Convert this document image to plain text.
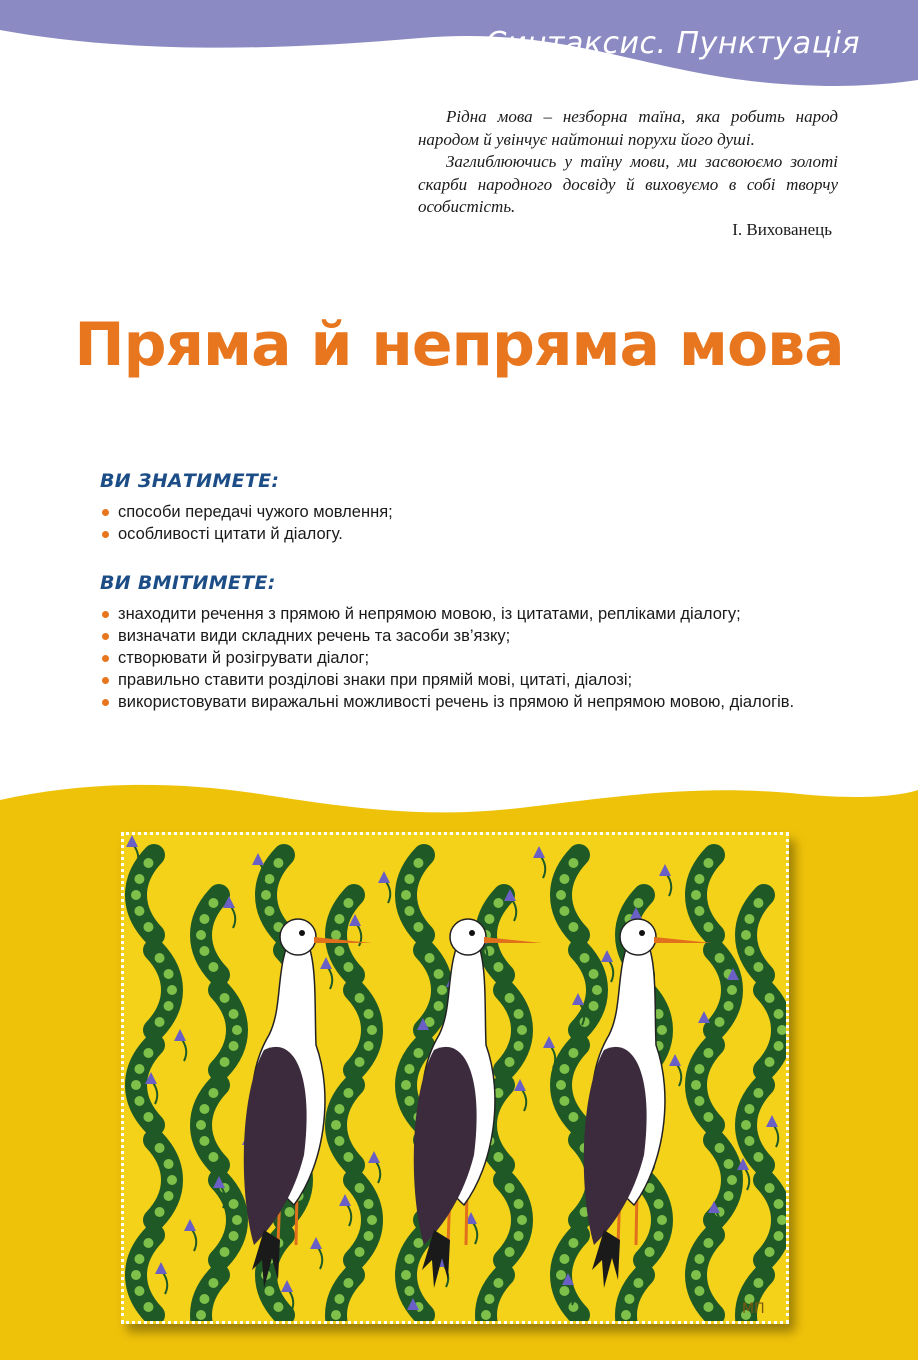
Синтаксис. Пунктуація

Рідна мова – незборна таїна, яка робить народ народом й увінчує найтонші порухи його душі.

Заглиблюючись у таїну мови, ми засвоюємо золоті скарби народного досвіду й виховуємо в собі творчу особистість.

І. Вихованець

Пряма й непряма мова
ВИ ЗНАТИМЕТЕ:
способи передачі чужого мовлення;
особливості цитати й діалогу.
ВИ ВМІТИМЕТЕ:
знаходити речення з прямою й непрямою мовою, із цитатами, репліками діалогу;
визначати види складних речень та засоби зв’язку;
створювати й розігрувати діалог;
правильно ставити розділові знаки при прямій мові, цитаті, діалозі;
використовувати виражальні можливості речень із прямою й непрямою мовою, діалогів.
МП
